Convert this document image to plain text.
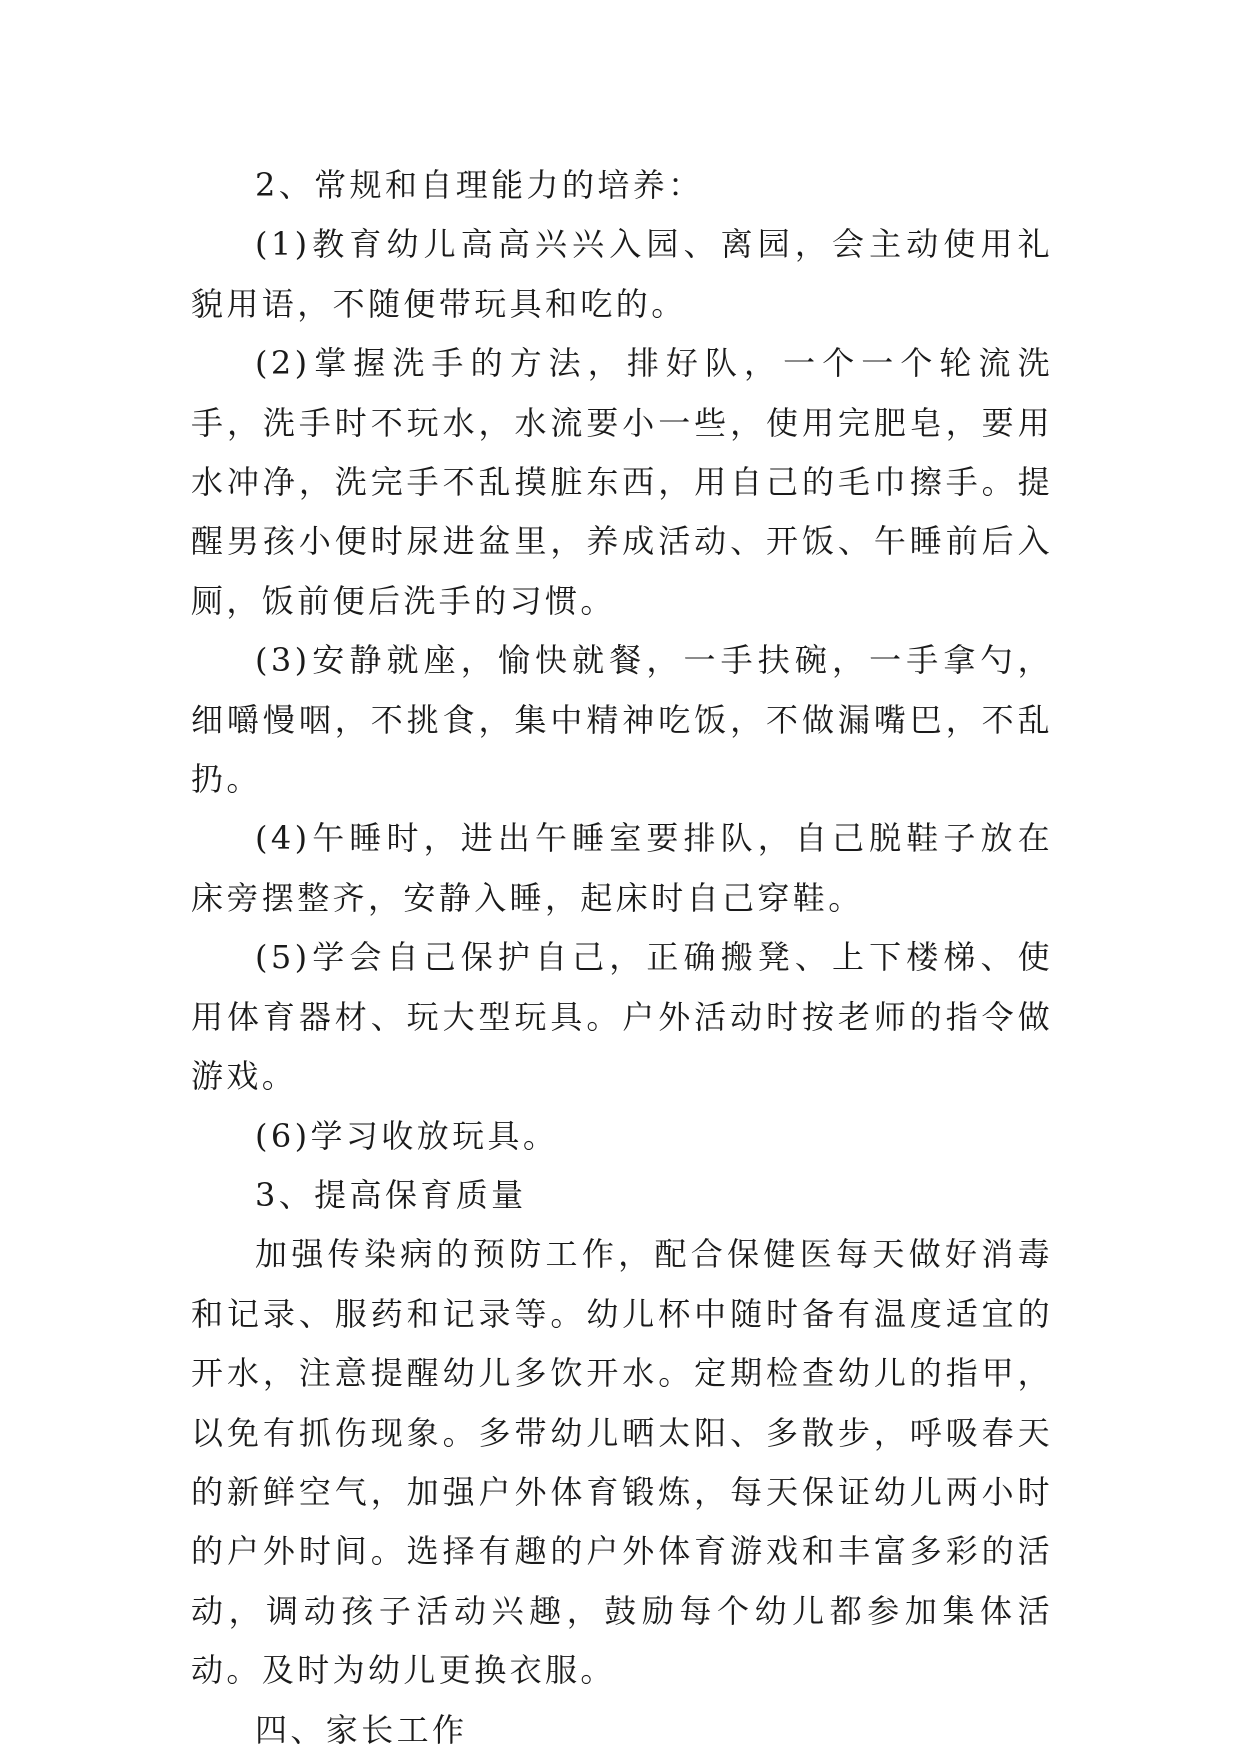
2、常规和自理能力的培养：

(1)教育幼儿高高兴兴入园、离园，会主动使用礼貌用语，不随便带玩具和吃的。

(2)掌握洗手的方法，排好队，一个一个轮流洗手，洗手时不玩水，水流要小一些，使用完肥皂，要用水冲净，洗完手不乱摸脏东西，用自己的毛巾擦手。提醒男孩小便时尿进盆里，养成活动、开饭、午睡前后入厕，饭前便后洗手的习惯。

(3)安静就座，愉快就餐，一手扶碗，一手拿勺，细嚼慢咽，不挑食，集中精神吃饭，不做漏嘴巴，不乱扔。

(4)午睡时，进出午睡室要排队，自己脱鞋子放在床旁摆整齐，安静入睡，起床时自己穿鞋。

(5)学会自己保护自己，正确搬凳、上下楼梯、使用体育器材、玩大型玩具。户外活动时按老师的指令做游戏。

(6)学习收放玩具。

3、提高保育质量

加强传染病的预防工作，配合保健医每天做好消毒和记录、服药和记录等。幼儿杯中随时备有温度适宜的开水，注意提醒幼儿多饮开水。定期检查幼儿的指甲，以免有抓伤现象。多带幼儿晒太阳、多散步，呼吸春天的新鲜空气，加强户外体育锻炼，每天保证幼儿两小时的户外时间。选择有趣的户外体育游戏和丰富多彩的活动，调动孩子活动兴趣，鼓励每个幼儿都参加集体活动。及时为幼儿更换衣服。

四、家长工作
